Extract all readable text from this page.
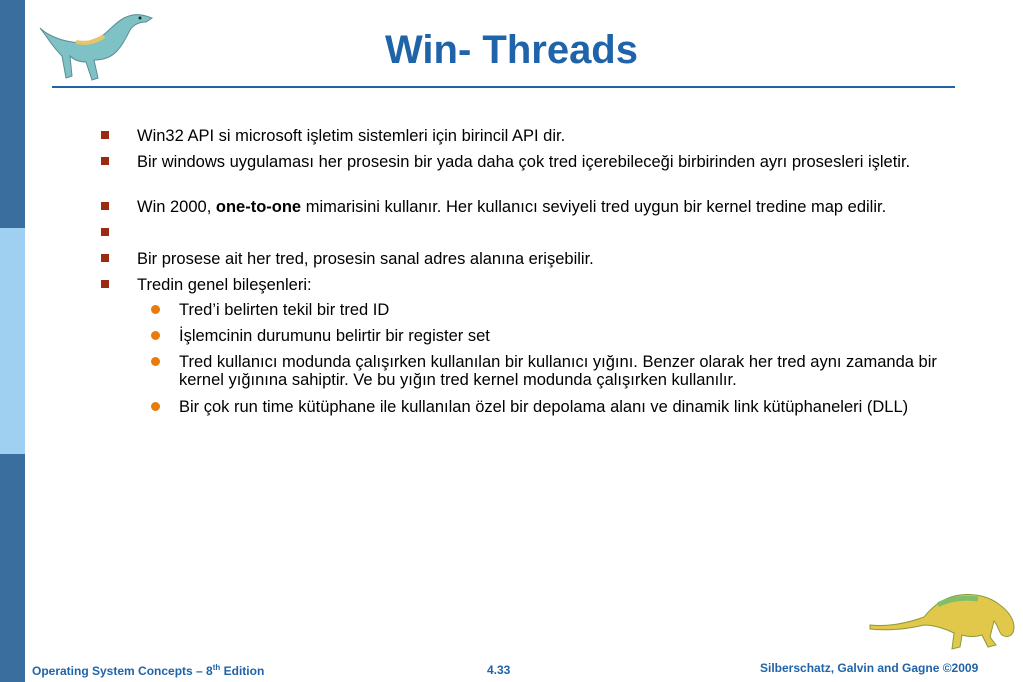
Win- Threads
Win32 API si microsoft işletim sistemleri için birincil API dir.
Bir windows uygulaması her prosesin bir yada daha çok tred içerebileceği birbirinden ayrı prosesleri işletir.
Win 2000, one-to-one mimarisini kullanır. Her kullanıcı seviyeli tred uygun bir kernel tredine map edilir.
Bir prosese ait her tred, prosesin sanal adres alanına erişebilir.
Tredin genel bileşenleri:
Tred’i belirten tekil bir tred ID
İşlemcinin durumunu belirtir bir register set
Tred kullanıcı modunda çalışırken kullanılan bir kullanıcı yığını. Benzer olarak her tred aynı zamanda bir kernel yığınına sahiptir. Ve bu yığın tred kernel modunda çalışırken kullanılır.
Bir çok run time kütüphane ile kullanılan özel bir depolama alanı ve dinamik link kütüphaneleri (DLL)
Operating System Concepts – 8th Edition	4.33	Silberschatz, Galvin and Gagne ©2009
